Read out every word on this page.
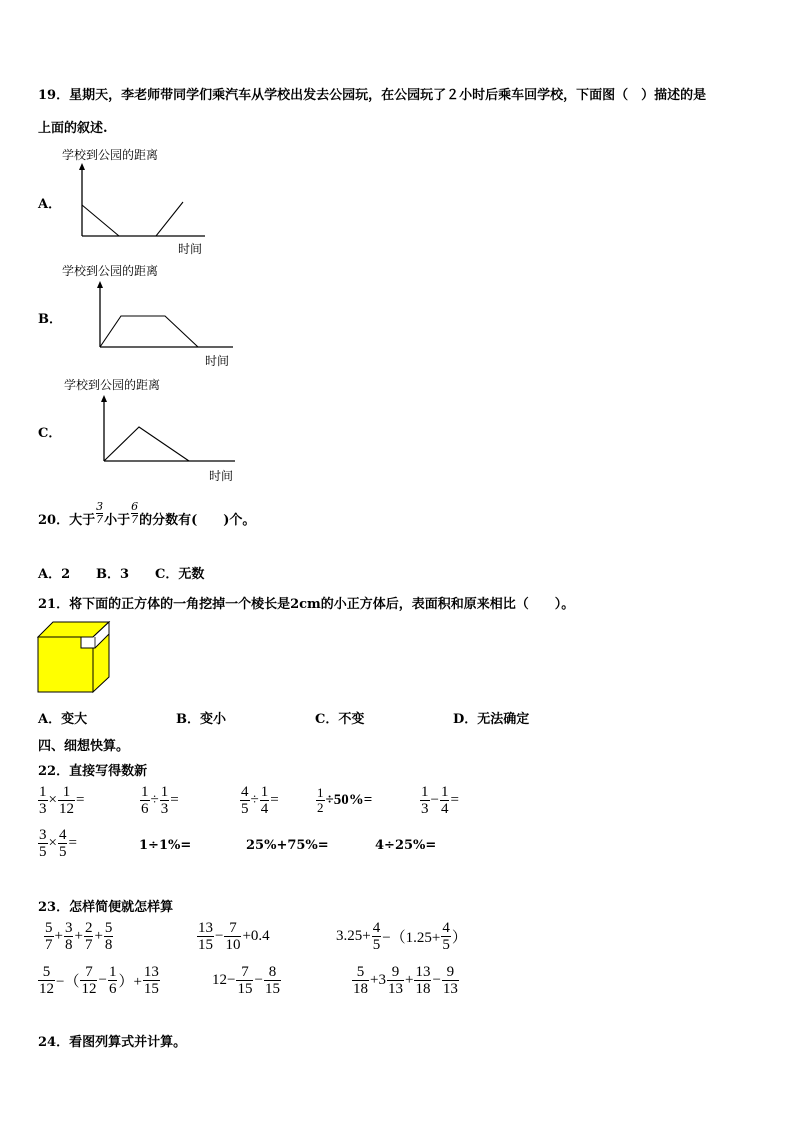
19．星期天，李老师带同学们乘汽车从学校出发去公园玩，在公园玩了２小时后乘车回学校，下面图（　）描述的是
上面的叙述.
A．
学校到公园的距离
时间
B．
学校到公园的距离
时间
C．
学校到公园的距离
时间
20．大于 $\frac{3}{7}$ 小于 $\frac{6}{7}$ 的分数有(　　)个。
A．2 B．3 C．无数
21．将下面的正方体的一角挖掉一个棱长是2cm的小正方体后，表面积和原来相比（　　）。
A．变大	B．变小	C．不变	D．无法确定
四、细想快算。
22．直接写得数新
$\frac{1}{3} \times \frac{1}{12}$ =	$\frac{1}{6} \div \frac{1}{3}$ =	$\frac{4}{5} \div \frac{1}{4}$ =	$\frac{1}{2} \div 50\%=$	$\frac{1}{3} - \frac{1}{4}$ =
$\frac{3}{5} \times \frac{4}{5}$ =	1÷1%=	25%+75%=	4÷25%=
23．怎样简便就怎样算
$\frac{5}{7} + \frac{3}{8} + \frac{2}{7} + \frac{5}{8}$	$\frac{13}{15} - \frac{7}{10} +0.4$	$3.25+ \frac{4}{5} -(1.25+ \frac{4}{5}$ ）
$\frac{5}{12}$ −（ $\frac{7}{12} - \frac{1}{6}$ ）+ $\frac{13}{15}$	$12- \frac{7}{15} - \frac{8}{15}$	$\frac{5}{18} +3 \frac{9}{13} + \frac{13}{18} - \frac{9}{13}$
24．看图列算式并计算。
